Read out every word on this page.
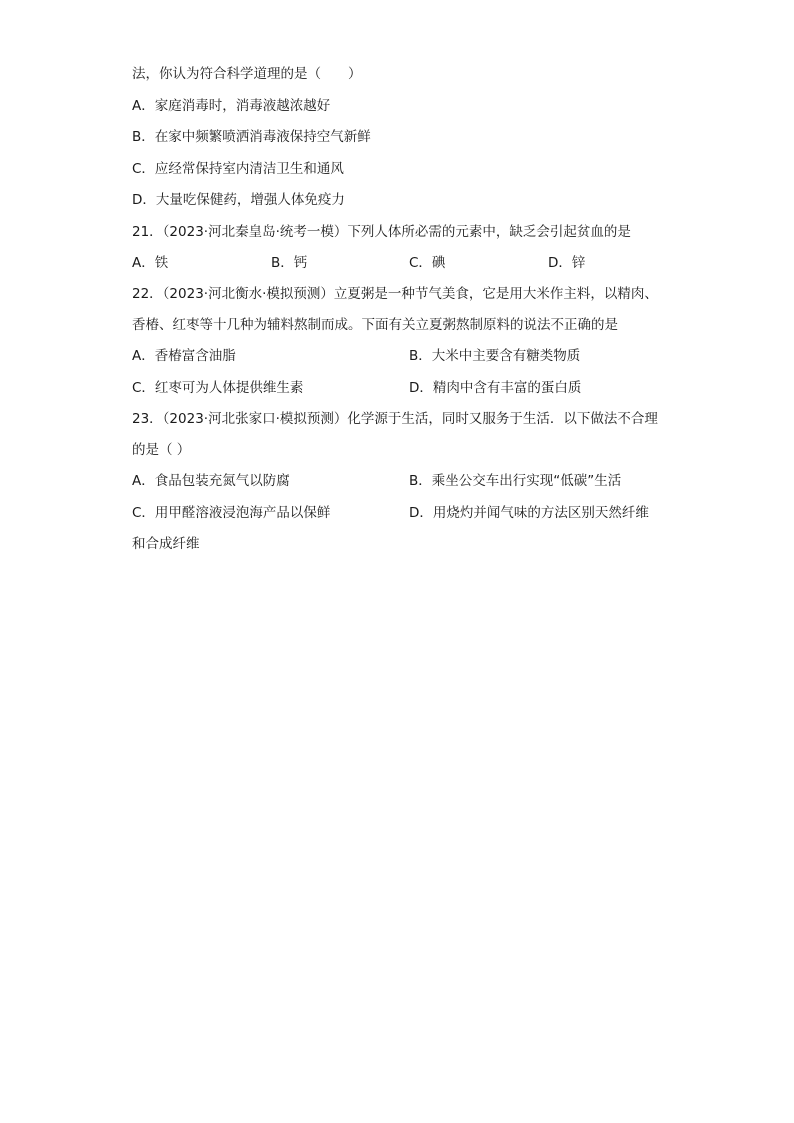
法，你认为符合科学道理的是（　　）
A．家庭消毒时，消毒液越浓越好
B．在家中频繁喷洒消毒液保持空气新鲜
C．应经常保持室内清洁卫生和通风
D．大量吃保健药，增强人体免疫力
21．（2023·河北秦皇岛·统考一模）下列人体所必需的元素中，缺乏会引起贫血的是
A．铁	B．钙	C．碘	D．锌
22．（2023·河北衡水·模拟预测）立夏粥是一种节气美食，它是用大米作主料，以精肉、
香椿、红枣等十几种为辅料熬制而成。下面有关立夏粥熬制原料的说法不正确的是
A．香椿富含油脂	B．大米中主要含有糖类物质
C．红枣可为人体提供维生素	D．精肉中含有丰富的蛋白质
23．（2023·河北张家口·模拟预测）化学源于生活，同时又服务于生活．以下做法不合理
的是（ ）
A．食品包装充氮气以防腐	B．乘坐公交车出行实现“低碳”生活
C．用甲醛溶液浸泡海产品以保鲜	D．用烧灼并闻气味的方法区别天然纤维
和合成纤维
